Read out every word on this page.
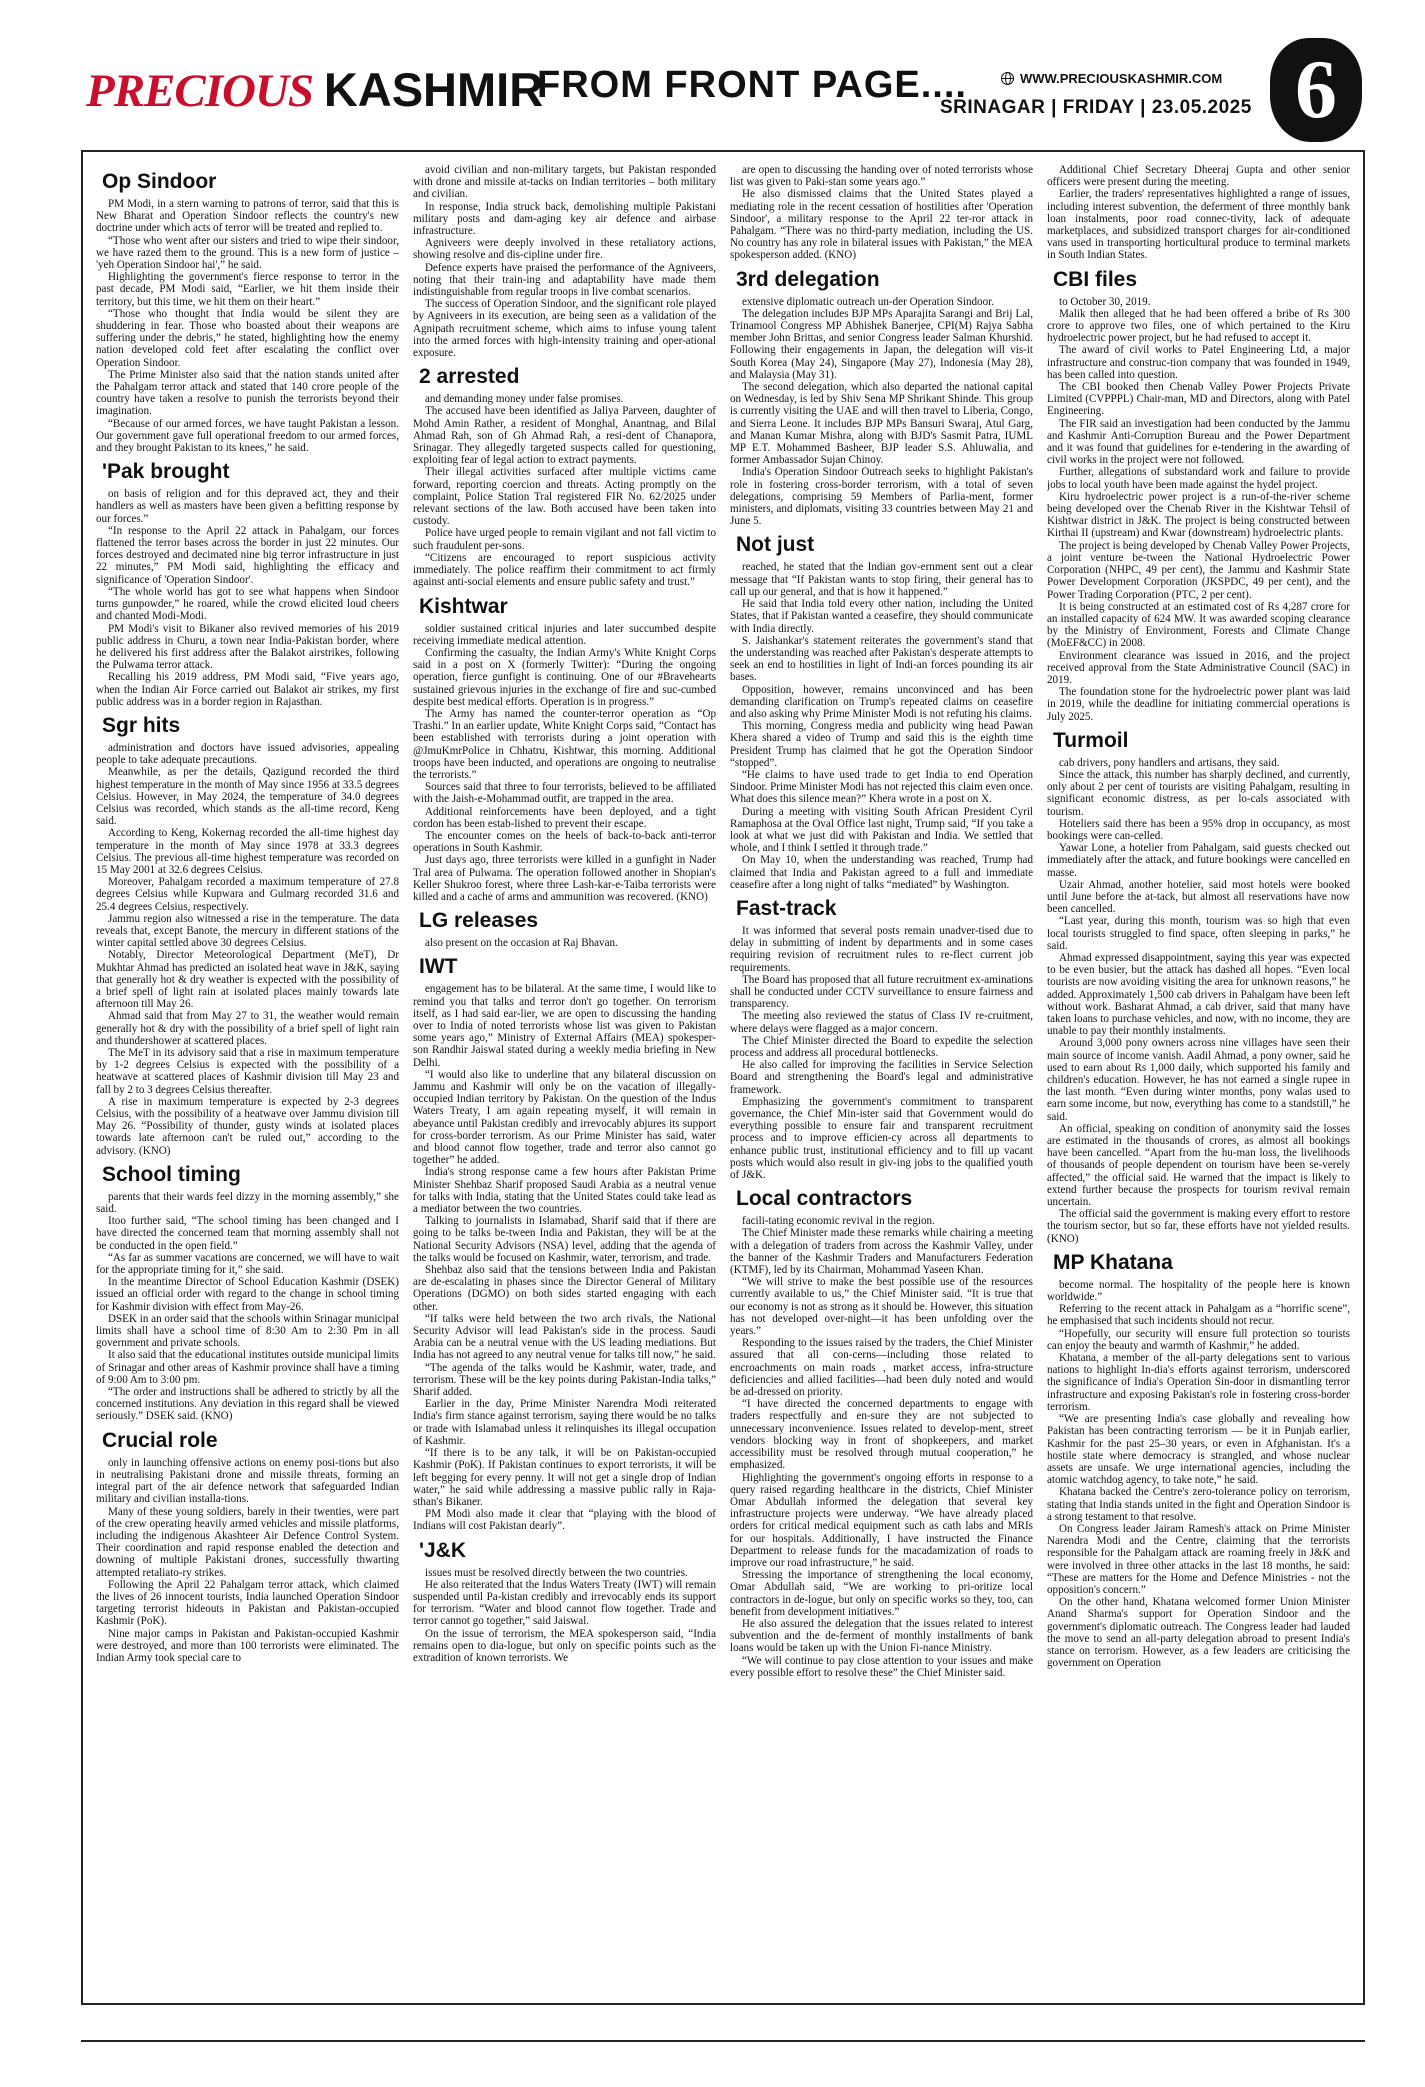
PRECIOUS KASHMIR
FROM FRONT PAGE....	WWW.PRECIOUSKASHMIR.COM
SRINAGAR | FRIDAY | 23.05.2025 6
Op Sindoor

PM Modi, in a stern warning to patrons of terror, said that this is New Bharat and Operation Sindoor reflects the country's new doctrine under which acts of terror will be treated and replied to.

“Those who went after our sisters and tried to wipe their sindoor, we have razed them to the ground. This is a new form of justice – 'yeh Operation Sindoor hai',” he said.

Highlighting the government's fierce response to terror in the past decade, PM Modi said, “Earlier, we hit them inside their territory, but this time, we hit them on their heart.”

“Those who thought that India would be silent they are shuddering in fear. Those who boasted about their weapons are suffering under the debris,” he stated, highlighting how the enemy nation developed cold feet after escalating the conflict over Operation Sindoor.

The Prime Minister also said that the nation stands united after the Pahalgam terror attack and stated that 140 crore people of the country have taken a resolve to punish the terrorists beyond their imagination.

“Because of our armed forces, we have taught Pakistan a lesson. Our government gave full operational freedom to our armed forces, and they brought Pakistan to its knees,” he said.

'Pak brought

on basis of religion and for this depraved act, they and their handlers as well as masters have been given a befitting response by our forces.”

“In response to the April 22 attack in Pahalgam, our forces flattened the terror bases across the border in just 22 minutes. Our forces destroyed and decimated nine big terror infrastructure in just 22 minutes,” PM Modi said, highlighting the efficacy and significance of 'Operation Sindoor'.

“The whole world has got to see what happens when Sindoor turns gunpowder,” he roared, while the crowd elicited loud cheers and chanted Modi-Modi.

PM Modi's visit to Bikaner also revived memories of his 2019 public address in Churu, a town near India-Pakistan border, where he delivered his first address after the Balakot airstrikes, following the Pulwama terror attack.

Recalling his 2019 address, PM Modi said, “Five years ago, when the Indian Air Force carried out Balakot air strikes, my first public address was in a border region in Rajasthan.

Sgr hits

administration and doctors have issued advisories, appealing people to take adequate precautions.

Meanwhile, as per the details, Qazigund recorded the third highest temperature in the month of May since 1956 at 33.5 degrees Celsius. However, in May 2024, the temperature of 34.0 degrees Celsius was recorded, which stands as the all-time record, Keng said.

According to Keng, Kokernag recorded the all-time highest day temperature in the month of May since 1978 at 33.3 degrees Celsius. The previous all-time highest temperature was recorded on 15 May 2001 at 32.6 degrees Celsius.

Moreover, Pahalgam recorded a maximum temperature of 27.8 degrees Celsius while Kupwara and Gulmarg recorded 31.6 and 25.4 degrees Celsius, respectively.

Jammu region also witnessed a rise in the temperature. The data reveals that, except Banote, the mercury in different stations of the winter capital settled above 30 degrees Celsius.

Notably, Director Meteorological Department (MeT), Dr Mukhtar Ahmad has predicted an isolated heat wave in J&K, saying that generally hot & dry weather is expected with the possibility of a brief spell of light rain at isolated places mainly towards late afternoon till May 26.

Ahmad said that from May 27 to 31, the weather would remain generally hot & dry with the possibility of a brief spell of light rain and thundershower at scattered places.

The MeT in its advisory said that a rise in maximum temperature by 1-2 degrees Celsius is expected with the possibility of a heatwave at scattered places of Kashmir division till May 23 and fall by 2 to 3 degrees Celsius thereafter.

A rise in maximum temperature is expected by 2-3 degrees Celsius, with the possibility of a heatwave over Jammu division till May 26. “Possibility of thunder, gusty winds at isolated places towards late afternoon can't be ruled out,” according to the advisory. (KNO)

School timing

parents that their wards feel dizzy in the morning assembly,” she said.

Itoo further said, “The school timing has been changed and I have directed the concerned team that morning assembly shall not be conducted in the open field.”

“As far as summer vacations are concerned, we will have to wait for the appropriate timing for it,” she said.

In the meantime Director of School Education Kashmir (DSEK) issued an official order with regard to the change in school timing for Kashmir division with effect from May-26.

DSEK in an order said that the schools within Srinagar municipal limits shall have a school time of 8:30 Am to 2:30 Pm in all government and private schools.

It also said that the educational institutes outside municipal limits of Srinagar and other areas of Kashmir province shall have a timing of 9:00 Am to 3:00 pm.

“The order and instructions shall be adhered to strictly by all the concerned institutions. Any deviation in this regard shall be viewed seriously.” DSEK said. (KNO)

Crucial role

only in launching offensive actions on enemy posi-tions but also in neutralising Pakistani drone and missile threats, forming an integral part of the air defence network that safeguarded Indian military and civilian installa-tions.

Many of these young soldiers, barely in their twenties, were part of the crew operating heavily armed vehicles and missile platforms, including the indigenous Akashteer Air Defence Control System. Their coordination and rapid response enabled the detection and downing of multiple Pakistani drones, successfully thwarting attempted retaliato-ry strikes.

Following the April 22 Pahalgam terror attack, which claimed the lives of 26 innocent tourists, India launched Operation Sindoor targeting terrorist hideouts in Pakistan and Pakistan-occupied Kashmir (PoK).

Nine major camps in Pakistan and Pakistan-occupied Kashmir were destroyed, and more than 100 terrorists were eliminated. The Indian Army took special care to

avoid civilian and non-military targets, but Pakistan responded with drone and missile at-tacks on Indian territories – both military and civilian.

In response, India struck back, demolishing multiple Pakistani military posts and dam-aging key air defence and airbase infrastructure.

Agniveers were deeply involved in these retaliatory actions, showing resolve and dis-cipline under fire.

Defence experts have praised the performance of the Agniveers, noting that their train-ing and adaptability have made them indistinguishable from regular troops in live combat scenarios.

The success of Operation Sindoor, and the significant role played by Agniveers in its execution, are being seen as a validation of the Agnipath recruitment scheme, which aims to infuse young talent into the armed forces with high-intensity training and oper-ational exposure.

2 arrested

and demanding money under false promises.

The accused have been identified as Jaliya Parveen, daughter of Mohd Amin Rather, a resident of Monghal, Anantnag, and Bilal Ahmad Rah, son of Gh Ahmad Rah, a resi-dent of Chanapora, Srinagar. They allegedly targeted suspects called for questioning, exploiting fear of legal action to extract payments.

Their illegal activities surfaced after multiple victims came forward, reporting coercion and threats. Acting promptly on the complaint, Police Station Tral registered FIR No. 62/2025 under relevant sections of the law. Both accused have been taken into custody.

Police have urged people to remain vigilant and not fall victim to such fraudulent per-sons.

“Citizens are encouraged to report suspicious activity immediately. The police reaffirm their commitment to act firmly against anti-social elements and ensure public safety and trust.”

Kishtwar

soldier sustained critical injuries and later succumbed despite receiving immediate medical attention.

Confirming the casualty, the Indian Army's White Knight Corps said in a post on X (formerly Twitter): “During the ongoing operation, fierce gunfight is continuing. One of our #Bravehearts sustained grievous injuries in the exchange of fire and suc-cumbed despite best medical efforts. Operation is in progress.”

The Army has named the counter-terror operation as “Op Trashi.” In an earlier update, White Knight Corps said, “Contact has been established with terrorists during a joint operation with @JmuKmrPolice in Chhatru, Kishtwar, this morning. Additional troops have been inducted, and operations are ongoing to neutralise the terrorists.”

Sources said that three to four terrorists, believed to be affiliated with the Jaish-e-Mohammad outfit, are trapped in the area.

Additional reinforcements have been deployed, and a tight cordon has been estab-lished to prevent their escape.

The encounter comes on the heels of back-to-back anti-terror operations in South Kashmir.

Just days ago, three terrorists were killed in a gunfight in Nader Tral area of Pulwama. The operation followed another in Shopian's Keller Shukroo forest, where three Lash-kar-e-Taiba terrorists were killed and a cache of arms and ammunition was recovered. (KNO)

LG releases

also present on the occasion at Raj Bhavan.

IWT

engagement has to be bilateral. At the same time, I would like to remind you that talks and terror don't go together. On terrorism itself, as I had said ear-lier, we are open to discussing the handing over to India of noted terrorists whose list was given to Pakistan some years ago,” Ministry of External Affairs (MEA) spokesper-son Randhir Jaiswal stated during a weekly media briefing in New Delhi.

“I would also like to underline that any bilateral discussion on Jammu and Kashmir will only be on the vacation of illegally-occupied Indian territory by Pakistan. On the question of the Indus Waters Treaty, I am again repeating myself, it will remain in abeyance until Pakistan credibly and irrevocably abjures its support for cross-border terrorism. As our Prime Minister has said, water and blood cannot flow together, trade and terror also cannot go together” he added.

India's strong response came a few hours after Pakistan Prime Minister Shehbaz Sharif proposed Saudi Arabia as a neutral venue for talks with India, stating that the United States could take lead as a mediator between the two countries.

Talking to journalists in Islamabad, Sharif said that if there are going to be talks be-tween India and Pakistan, they will be at the National Security Advisors (NSA) level, adding that the agenda of the talks would be focused on Kashmir, water, terrorism, and trade.

Shehbaz also said that the tensions between India and Pakistan are de-escalating in phases since the Director General of Military Operations (DGMO) on both sides started engaging with each other.

“If talks were held between the two arch rivals, the National Security Advisor will lead Pakistan's side in the process. Saudi Arabia can be a neutral venue with the US leading mediations. But India has not agreed to any neutral venue for talks till now,” he said.

“The agenda of the talks would be Kashmir, water, trade, and terrorism. These will be the key points during Pakistan-India talks,” Sharif added.

Earlier in the day, Prime Minister Narendra Modi reiterated India's firm stance against terrorism, saying there would be no talks or trade with Islamabad unless it relinquishes its illegal occupation of Kashmir.

“If there is to be any talk, it will be on Pakistan-occupied Kashmir (PoK). If Pakistan continues to export terrorists, it will be left begging for every penny. It will not get a single drop of Indian water,” he said while addressing a massive public rally in Raja-sthan's Bikaner.

PM Modi also made it clear that “playing with the blood of Indians will cost Pakistan dearly”.

'J&K

issues must be resolved directly between the two countries.

He also reiterated that the Indus Waters Treaty (IWT) will remain suspended until Pa-kistan credibly and irrevocably ends its support for terrorism. “Water and blood cannot flow together. Trade and terror cannot go together,” said Jaiswal.

On the issue of terrorism, the MEA spokesperson said, “India remains open to dia-logue, but only on specific points such as the extradition of known terrorists. We

are open to discussing the handing over of noted terrorists whose list was given to Paki-stan some years ago.”

He also dismissed claims that the United States played a mediating role in the recent cessation of hostilities after 'Operation Sindoor', a military response to the April 22 ter-ror attack in Pahalgam. “There was no third-party mediation, including the US. No country has any role in bilateral issues with Pakistan,” the MEA spokesperson added. (KNO)

3rd delegation

extensive diplomatic outreach un-der Operation Sindoor.

The delegation includes BJP MPs Aparajita Sarangi and Brij Lal, Trinamool Congress MP Abhishek Banerjee, CPI(M) Rajya Sabha member John Brittas, and senior Congress leader Salman Khurshid. Following their engagements in Japan, the delegation will vis-it South Korea (May 24), Singapore (May 27), Indonesia (May 28), and Malaysia (May 31).

The second delegation, which also departed the national capital on Wednesday, is led by Shiv Sena MP Shrikant Shinde. This group is currently visiting the UAE and will then travel to Liberia, Congo, and Sierra Leone. It includes BJP MPs Bansuri Swaraj, Atul Garg, and Manan Kumar Mishra, along with BJD's Sasmit Patra, IUML MP E.T. Mohammed Basheer, BJP leader S.S. Ahluwalia, and former Ambassador Sujan Chinoy.

India's Operation Sindoor Outreach seeks to highlight Pakistan's role in fostering cross-border terrorism, with a total of seven delegations, comprising 59 Members of Parlia-ment, former ministers, and diplomats, visiting 33 countries between May 21 and June 5.

Not just

reached, he stated that the Indian gov-ernment sent out a clear message that “If Pakistan wants to stop firing, their general has to call up our general, and that is how it happened.”

He said that India told every other nation, including the United States, that if Pakistan wanted a ceasefire, they should communicate with India directly.

S. Jaishankar's statement reiterates the government's stand that the understanding was reached after Pakistan's desperate attempts to seek an end to hostilities in light of Indi-an forces pounding its air bases.

Opposition, however, remains unconvinced and has been demanding clarification on Trump's repeated claims on ceasefire and also asking why Prime Minister Modi is not refuting his claims.

This morning, Congress media and publicity wing head Pawan Khera shared a video of Trump and said this is the eighth time President Trump has claimed that he got the Operation Sindoor “stopped”.

“He claims to have used trade to get India to end Operation Sindoor. Prime Minister Modi has not rejected this claim even once. What does this silence mean?” Khera wrote in a post on X.

During a meeting with visiting South African President Cyril Ramaphosa at the Oval Office last night, Trump said, “If you take a look at what we just did with Pakistan and India. We settled that whole, and I think I settled it through trade.”

On May 10, when the understanding was reached, Trump had claimed that India and Pakistan agreed to a full and immediate ceasefire after a long night of talks “mediated” by Washington.

Fast-track

It was informed that several posts remain unadver-tised due to delay in submitting of indent by departments and in some cases requiring revision of recruitment rules to re-flect current job requirements.

The Board has proposed that all future recruitment ex-aminations shall be conducted under CCTV surveillance to ensure fairness and transparency.

The meeting also reviewed the status of Class IV re-cruitment, where delays were flagged as a major concern.

The Chief Minister directed the Board to expedite the selection process and address all procedural bottlenecks.

He also called for improving the facilities in Service Selection Board and strengthening the Board's legal and administrative framework.

Emphasizing the government's commitment to transparent governance, the Chief Min-ister said that Government would do everything possible to ensure fair and transparent recruitment process and to improve efficien-cy across all departments to enhance public trust, institutional efficiency and to fill up vacant posts which would also result in giv-ing jobs to the qualified youth of J&K.

Local contractors

facili-tating economic revival in the region.

The Chief Minister made these remarks while chairing a meeting with a delegation of traders from across the Kashmir Valley, under the banner of the Kashmir Traders and Manufacturers Federation (KTMF), led by its Chairman, Mohammad Yaseen Khan.

“We will strive to make the best possible use of the resources currently available to us,” the Chief Minister said. “It is true that our economy is not as strong as it should be. However, this situation has not developed over-night—it has been unfolding over the years.”

Responding to the issues raised by the traders, the Chief Minister assured that all con-cerns—including those related to encroachments on main roads , market access, infra-structure deficiencies and allied facilities—had been duly noted and would be ad-dressed on priority.

“I have directed the concerned departments to engage with traders respectfully and en-sure they are not subjected to unnecessary inconvenience. Issues related to develop-ment, street vendors blocking way in front of shopkeepers, and market accessibility must be resolved through mutual cooperation,” he emphasized.

Highlighting the government's ongoing efforts in response to a query raised regarding healthcare in the districts, Chief Minister Omar Abdullah informed the delegation that several key infrastructure projects were underway. “We have already placed orders for critical medical equipment such as cath labs and MRIs for our hospitals. Additionally, I have instructed the Finance Department to release funds for the macadamization of roads to improve our road infrastructure,” he said.

Stressing the importance of strengthening the local economy, Omar Abdullah said, “We are working to pri-oritize local contractors in de-logue, but only on specific works so they, too, can benefit from development initiatives.”

He also assured the delegation that the issues related to interest subvention and the de-ferment of monthly installments of bank loans would be taken up with the Union Fi-nance Ministry.

“We will continue to pay close attention to your issues and make every possible effort to resolve these” the Chief Minister said.

Additional Chief Secretary Dheeraj Gupta and other senior officers were present during the meeting.

Earlier, the traders' representatives highlighted a range of issues, including interest subvention, the deferment of three monthly bank loan instalments, poor road connec-tivity, lack of adequate marketplaces, and subsidized transport charges for air-conditioned vans used in transporting horticultural produce to terminal markets in South Indian States.

CBI files

to October 30, 2019.

Malik then alleged that he had been offered a bribe of Rs 300 crore to approve two files, one of which pertained to the Kiru hydroelectric power project, but he had refused to accept it.

The award of civil works to Patel Engineering Ltd, a major infrastructure and construc-tion company that was founded in 1949, has been called into question.

The CBI booked then Chenab Valley Power Projects Private Limited (CVPPPL) Chair-man, MD and Directors, along with Patel Engineering.

The FIR said an investigation had been conducted by the Jammu and Kashmir Anti-Corruption Bureau and the Power Department and it was found that guidelines for e-tendering in the awarding of civil works in the project were not followed.

Further, allegations of substandard work and failure to provide jobs to local youth have been made against the hydel project.

Kiru hydroelectric power project is a run-of-the-river scheme being developed over the Chenab River in the Kishtwar Tehsil of Kishtwar district in J&K. The project is being constructed between Kirthai II (upstream) and Kwar (downstream) hydroelectric plants.

The project is being developed by Chenab Valley Power Projects, a joint venture be-tween the National Hydroelectric Power Corporation (NHPC, 49 per cent), the Jammu and Kashmir State Power Development Corporation (JKSPDC, 49 per cent), and the Power Trading Corporation (PTC, 2 per cent).

It is being constructed at an estimated cost of Rs 4,287 crore for an installed capacity of 624 MW. It was awarded scoping clearance by the Ministry of Environment, Forests and Climate Change (MoEF&CC) in 2008.

Environment clearance was issued in 2016, and the project received approval from the State Administrative Council (SAC) in 2019.

The foundation stone for the hydroelectric power plant was laid in 2019, while the deadline for initiating commercial operations is July 2025.

Turmoil

cab drivers, pony handlers and artisans, they said.

Since the attack, this number has sharply declined, and currently, only about 2 per cent of tourists are visiting Pahalgam, resulting in significant economic distress, as per lo-cals associated with tourism.

Hoteliers said there has been a 95% drop in occupancy, as most bookings were can-celled.

Yawar Lone, a hotelier from Pahalgam, said guests checked out immediately after the attack, and future bookings were cancelled en masse.

Uzair Ahmad, another hotelier, said most hotels were booked until June before the at-tack, but almost all reservations have now been cancelled.

“Last year, during this month, tourism was so high that even local tourists struggled to find space, often sleeping in parks,” he said.

Ahmad expressed disappointment, saying this year was expected to be even busier, but the attack has dashed all hopes. “Even local tourists are now avoiding visiting the area for unknown reasons,” he added. Approximately 1,500 cab drivers in Pahalgam have been left without work. Basharat Ahmad, a cab driver, said that many have taken loans to purchase vehicles, and now, with no income, they are unable to pay their monthly instalments.

Around 3,000 pony owners across nine villages have seen their main source of income vanish. Aadil Ahmad, a pony owner, said he used to earn about Rs 1,000 daily, which supported his family and children's education. However, he has not earned a single rupee in the last month. “Even during winter months, pony walas used to earn some income, but now, everything has come to a standstill,” he said.

An official, speaking on condition of anonymity said the losses are estimated in the thousands of crores, as almost all bookings have been cancelled. “Apart from the hu-man loss, the livelihoods of thousands of people dependent on tourism have been se-verely affected,” the official said. He warned that the impact is likely to extend further because the prospects for tourism revival remain uncertain.

The official said the government is making every effort to restore the tourism sector, but so far, these efforts have not yielded results. (KNO)

MP Khatana

become normal. The hospitality of the people here is known worldwide.”

Referring to the recent attack in Pahalgam as a “horrific scene”, he emphasised that such incidents should not recur.

“Hopefully, our security will ensure full protection so tourists can enjoy the beauty and warmth of Kashmir,” he added.

Khatana, a member of the all-party delegations sent to various nations to highlight In-dia's efforts against terrorism, underscored the significance of India's Operation Sin-door in dismantling terror infrastructure and exposing Pakistan's role in fostering cross-border terrorism.

“We are presenting India's case globally and revealing how Pakistan has been contracting terrorism — be it in Punjab earlier, Kashmir for the past 25–30 years, or even in Afghanistan. It's a hostile state where democracy is strangled, and whose nuclear assets are unsafe. We urge international agencies, including the atomic watchdog agency, to take note,” he said.

Khatana backed the Centre's zero-tolerance policy on terrorism, stating that India stands united in the fight and Operation Sindoor is a strong testament to that resolve.

On Congress leader Jairam Ramesh's attack on Prime Minister Narendra Modi and the Centre, claiming that the terrorists responsible for the Pahalgam attack are roaming freely in J&K and were involved in three other attacks in the last 18 months, he said: “These are matters for the Home and Defence Ministries - not the opposition's concern.”

On the other hand, Khatana welcomed former Union Minister Anand Sharma's support for Operation Sindoor and the government's diplomatic outreach. The Congress leader had lauded the move to send an all-party delegation abroad to present India's stance on terrorism. However, as a few leaders are criticising the government on Operation
